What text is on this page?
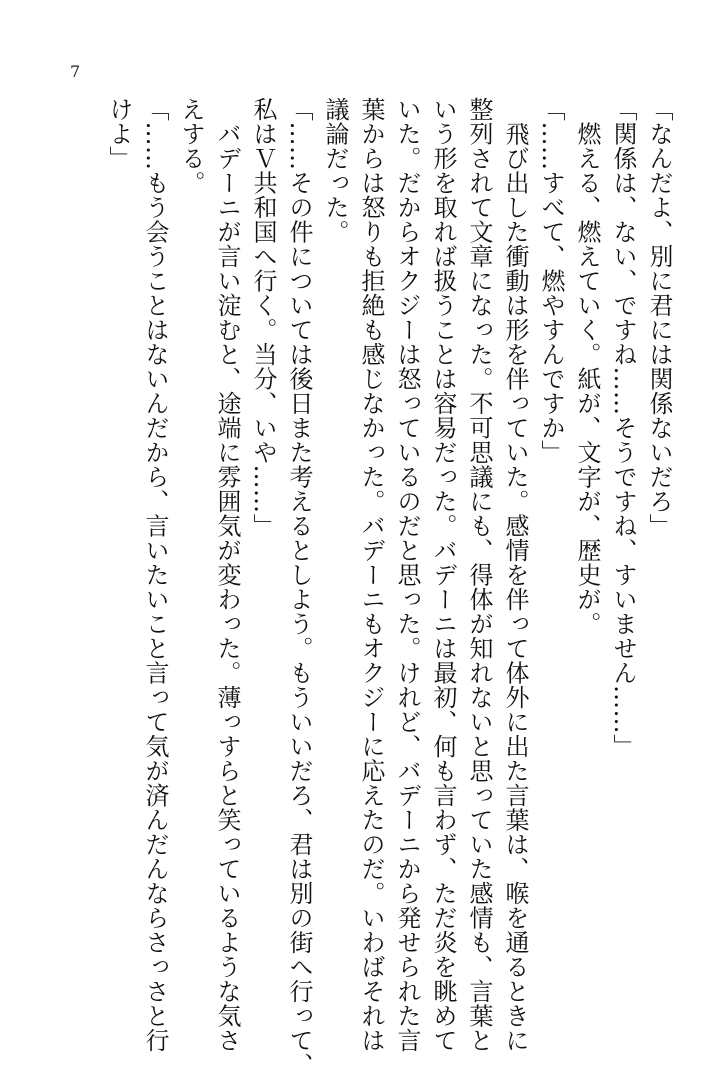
7
「なんだよ、別に君には関係ないだろ」
「関係は、ない、ですね……そうですね、すいません……」
　燃える、燃えていく。紙が、文字が、歴史が。
「……すべて、燃やすんですか」
　飛び出した衝動は形を伴っていた。感情を伴って体外に出た言葉は、喉を通るときに
整列されて文章になった。不可思議にも、得体が知れないと思っていた感情も、言葉と
いう形を取れば扱うことは容易だった。バデーニは最初、何も言わず、ただ炎を眺めて
いた。だからオクジーは怒っているのだと思った。けれど、バデーニから発せられた言
葉からは怒りも拒絶も感じなかった。バデーニもオクジーに応えたのだ。いわばそれは
議論だった。
「……その件については後日また考えるとしよう。もういいだろ、君は別の街へ行って、
私はＶ共和国へ行く。当分、いや……」
　バデーニが言い淀むと、途端に雰囲気が変わった。薄っすらと笑っているような気さ
えする。
「……もう会うことはないんだから、言いたいこと言って気が済んだんならさっさと行
けよ」
